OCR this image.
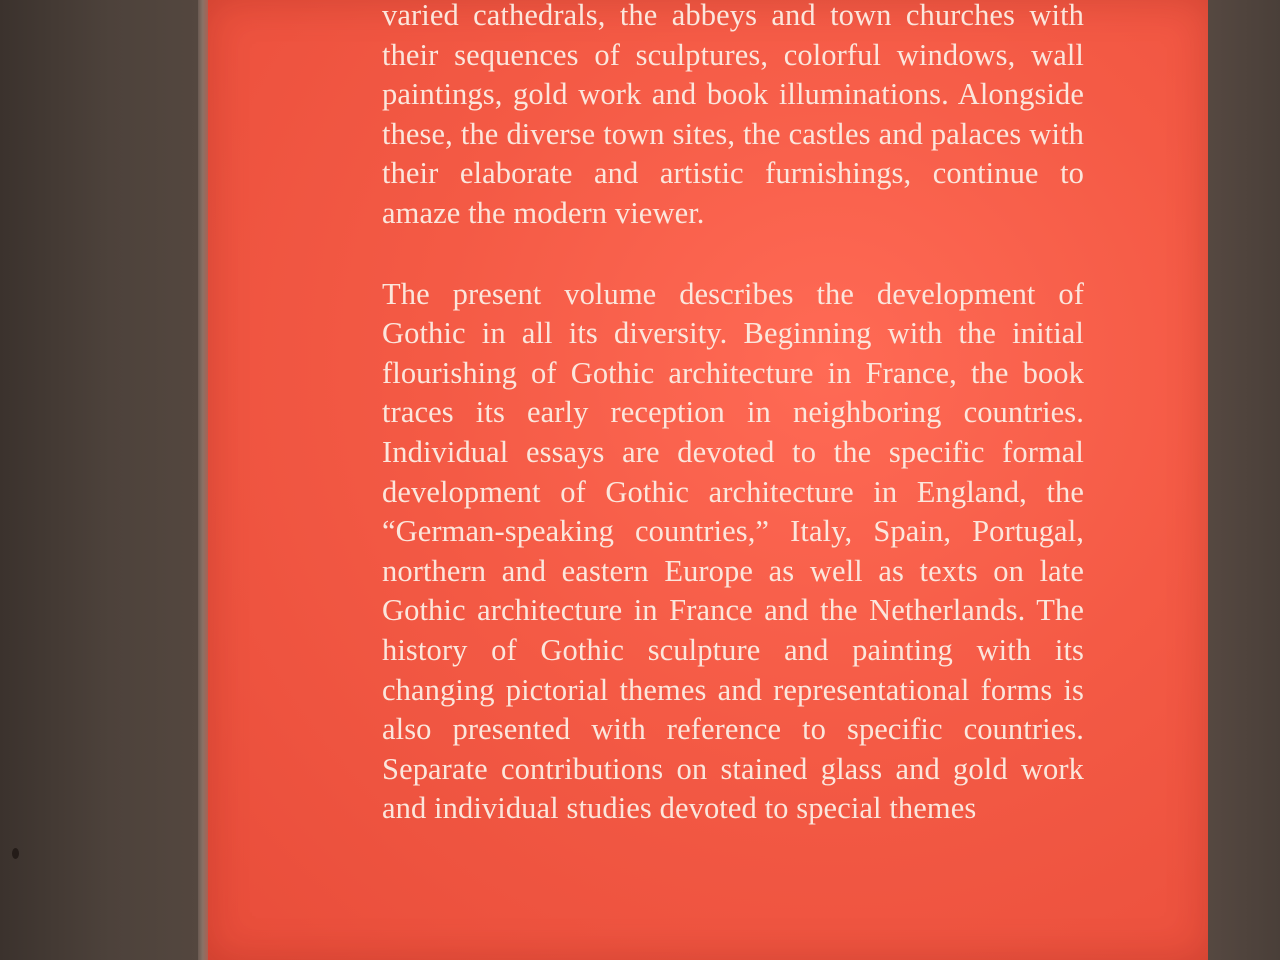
varied cathedrals, the abbeys and town churches with their sequences of sculptures, colorful windows, wall paintings, gold work and book illuminations. Alongside these, the diverse town sites, the castles and palaces with their elaborate and artistic furnishings, continue to amaze the modern viewer.

The present volume describes the development of Gothic in all its diversity. Beginning with the initial flourishing of Gothic architecture in France, the book traces its early reception in neighboring countries. Individual essays are devoted to the specific formal development of Gothic architecture in England, the “German-speaking countries,” Italy, Spain, Portugal, northern and eastern Europe as well as texts on late Gothic architecture in France and the Netherlands. The history of Gothic sculpture and painting with its changing pictorial themes and representational forms is also presented with reference to specific countries. Separate contributions on stained glass and gold work and individual studies devoted to special themes
